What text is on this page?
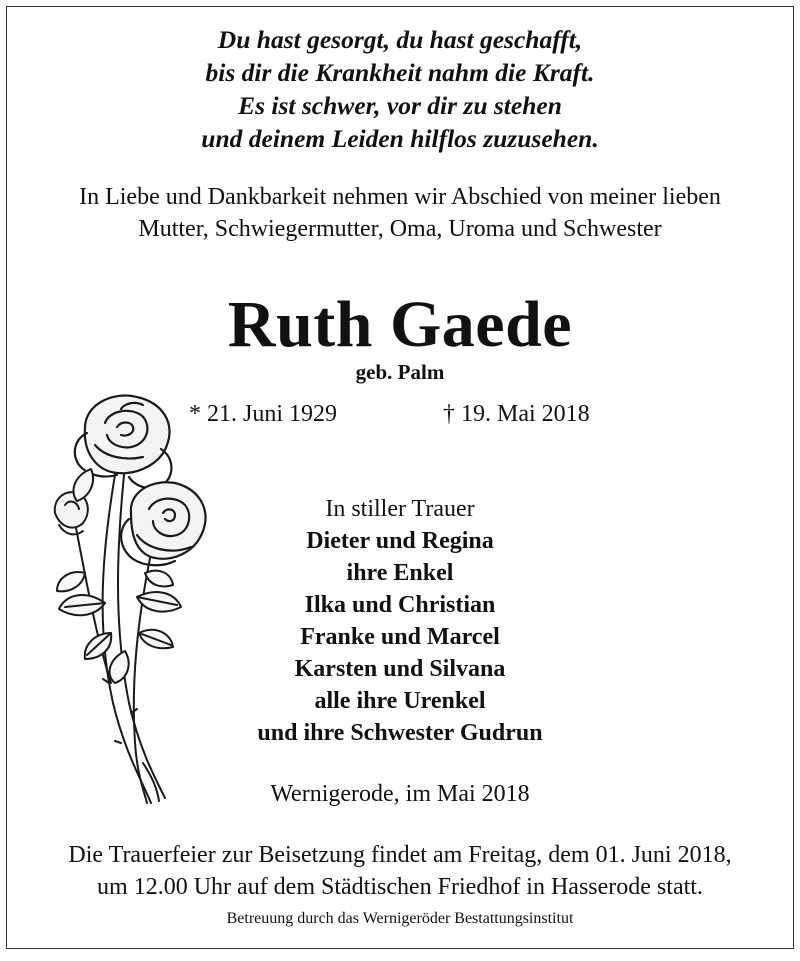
Du hast gesorgt, du hast geschafft,
bis dir die Krankheit nahm die Kraft.
Es ist schwer, vor dir zu stehen
und deinem Leiden hilflos zuzusehen.
In Liebe und Dankbarkeit nehmen wir Abschied von meiner lieben
Mutter, Schwiegermutter, Oma, Uroma und Schwester
Ruth Gaede
geb. Palm
* 21. Juni 1929	† 19. Mai 2018
In stiller Trauer
Dieter und Regina
ihre Enkel
Ilka und Christian
Franke und Marcel
Karsten und Silvana
alle ihre Urenkel
und ihre Schwester Gudrun
Wernigerode, im Mai 2018
Die Trauerfeier zur Beisetzung findet am Freitag, dem 01. Juni 2018,
um 12.00 Uhr auf dem Städtischen Friedhof in Hasserode statt.
Betreuung durch das Wernigeröder Bestattungsinstitut
